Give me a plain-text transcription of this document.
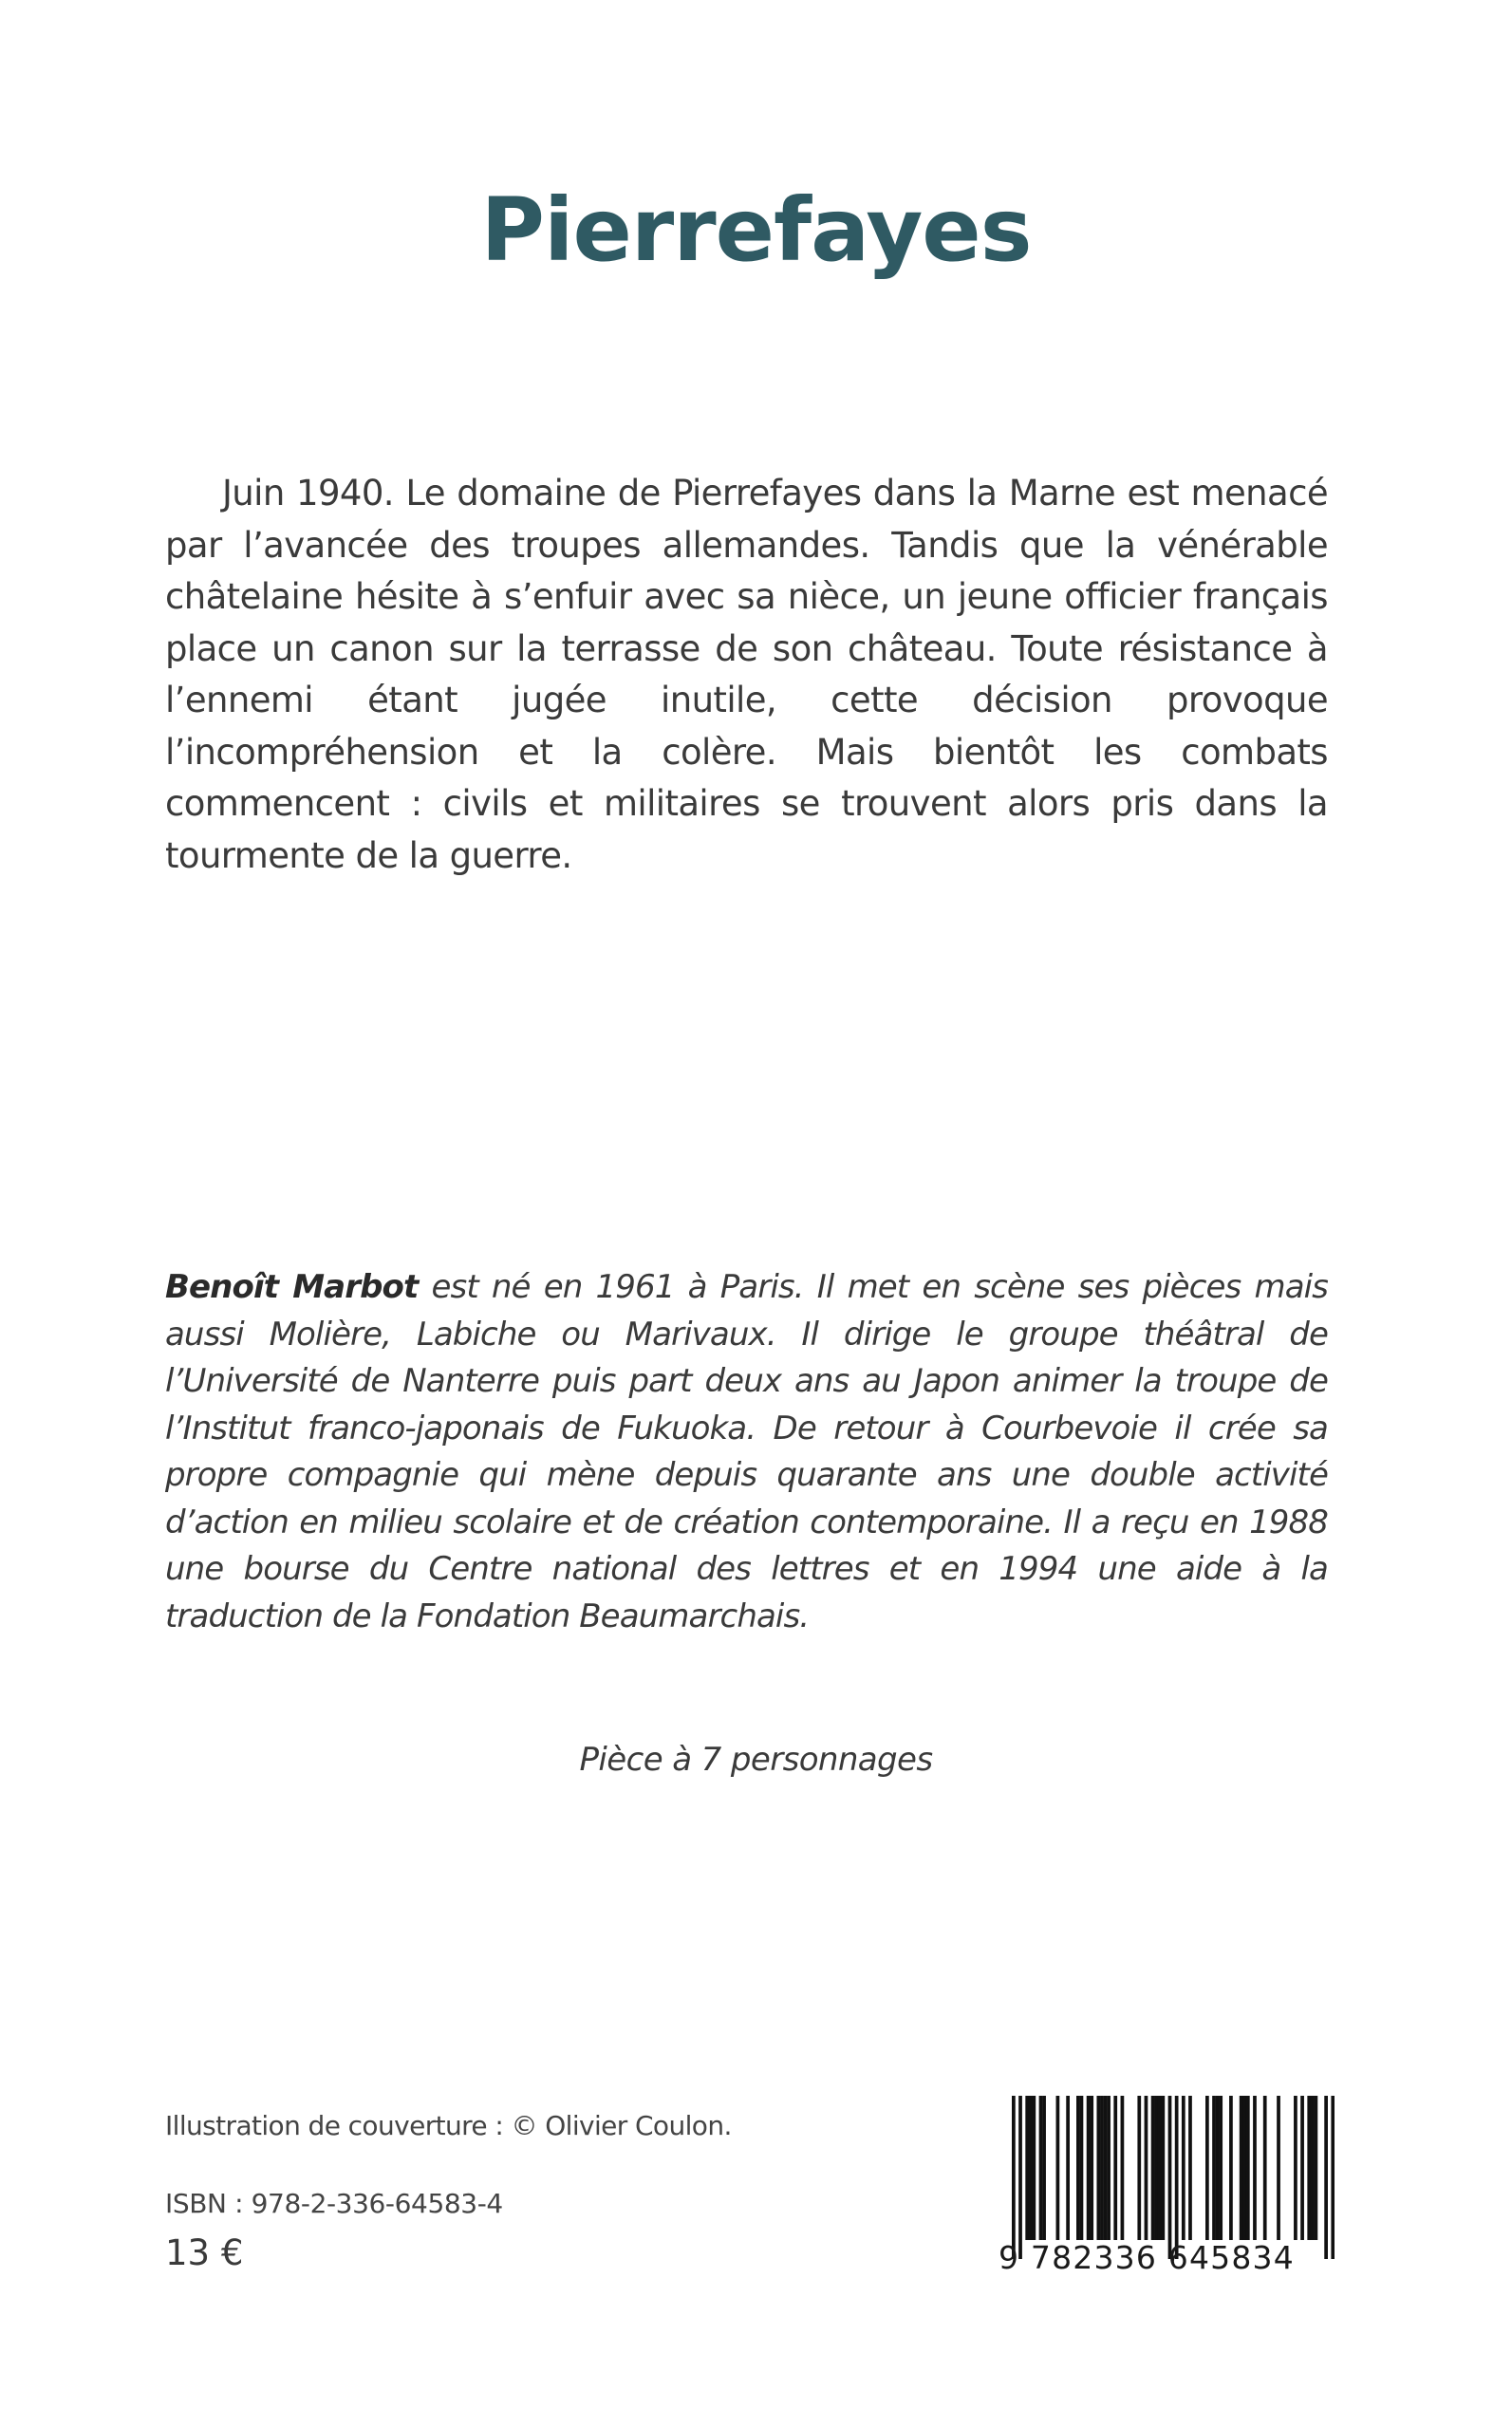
Pierrefayes

Juin 1940. Le domaine de Pierrefayes dans la Marne est menacé par l’avancée des troupes allemandes. Tandis que la vénérable châtelaine hésite à s’enfuir avec sa nièce, un jeune officier français place un canon sur la terrasse de son château. Toute résistance à l’ennemi étant jugée inutile, cette décision provoque l’incompréhension et la colère. Mais bientôt les combats commencent : civils et militaires se trouvent alors pris dans la tourmente de la guerre.

Benoît Marbot est né en 1961 à Paris. Il met en scène ses pièces mais aussi Molière, Labiche ou Marivaux. Il dirige le groupe théâtral de l’Université de Nanterre puis part deux ans au Japon animer la troupe de l’Institut franco-japonais de Fukuoka. De retour à Courbevoie il crée sa propre compagnie qui mène depuis quarante ans une double activité d’action en milieu scolaire et de création contemporaine. Il a reçu en 1988 une bourse du Centre national des lettres et en 1994 une aide à la traduction de la Fondation Beaumarchais.

Pièce à 7 personnages

Illustration de couverture : © Olivier Coulon.

ISBN : 978-2-336-64583-4

13 €	9 782336 645834
